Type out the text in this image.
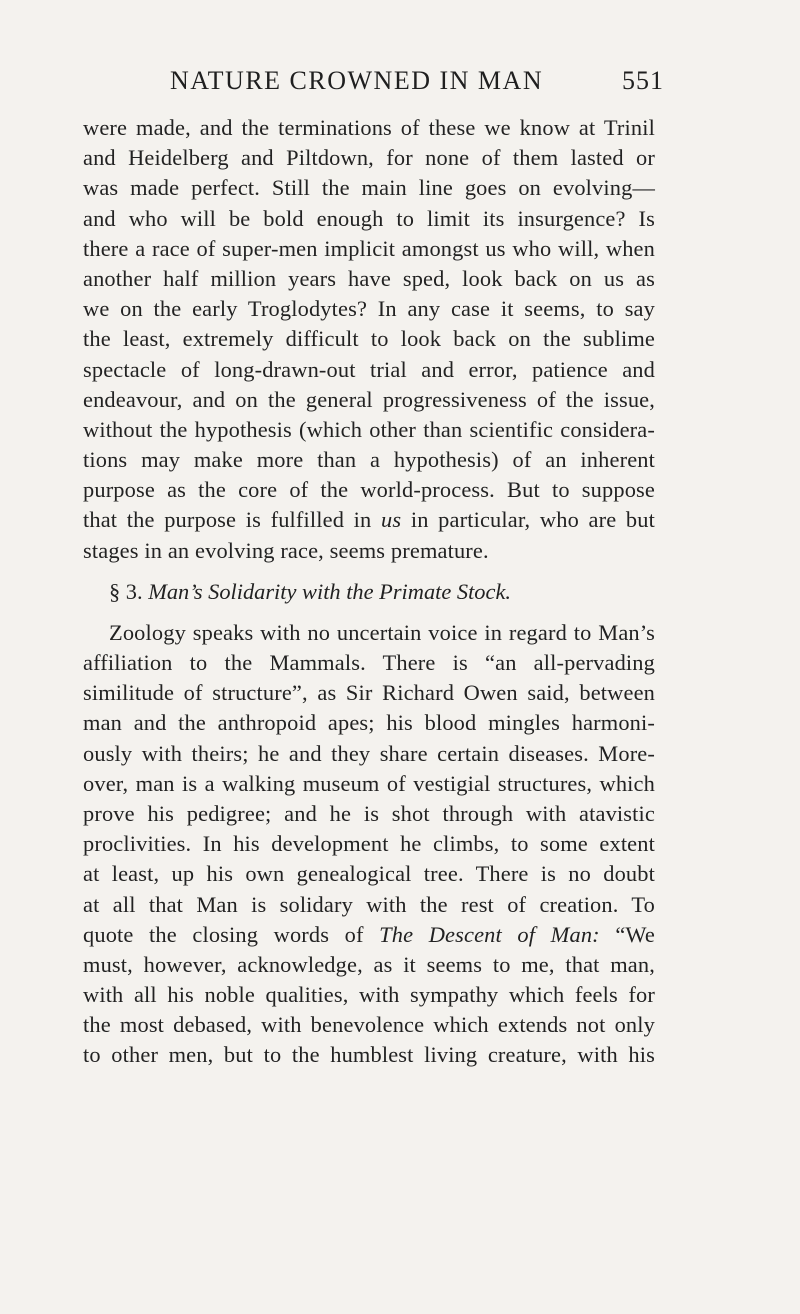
NATURE CROWNED IN MAN	551
were made, and the terminations of these we know at Trinil
and Heidelberg and Piltdown, for none of them lasted or
was made perfect. Still the main line goes on evolving—
and who will be bold enough to limit its insurgence? Is
there a race of super-men implicit amongst us who will, when
another half million years have sped, look back on us as
we on the early Troglodytes? In any case it seems, to say
the least, extremely difficult to look back on the sublime
spectacle of long-drawn-out trial and error, patience and
endeavour, and on the general progressiveness of the issue,
without the hypothesis (which other than scientific considera-
tions may make more than a hypothesis) of an inherent
purpose as the core of the world-process. But to suppose
that the purpose is fulfilled in us in particular, who are but
stages in an evolving race, seems premature.
§ 3. Man’s Solidarity with the Primate Stock.
Zoology speaks with no uncertain voice in regard to Man’s
affiliation to the Mammals. There is “an all-pervading
similitude of structure”, as Sir Richard Owen said, between
man and the anthropoid apes; his blood mingles harmoni-
ously with theirs; he and they share certain diseases. More-
over, man is a walking museum of vestigial structures, which
prove his pedigree; and he is shot through with atavistic
proclivities. In his development he climbs, to some extent
at least, up his own genealogical tree. There is no doubt
at all that Man is solidary with the rest of creation. To
quote the closing words of The Descent of Man: “We
must, however, acknowledge, as it seems to me, that man,
with all his noble qualities, with sympathy which feels for
the most debased, with benevolence which extends not only
to other men, but to the humblest living creature, with his
